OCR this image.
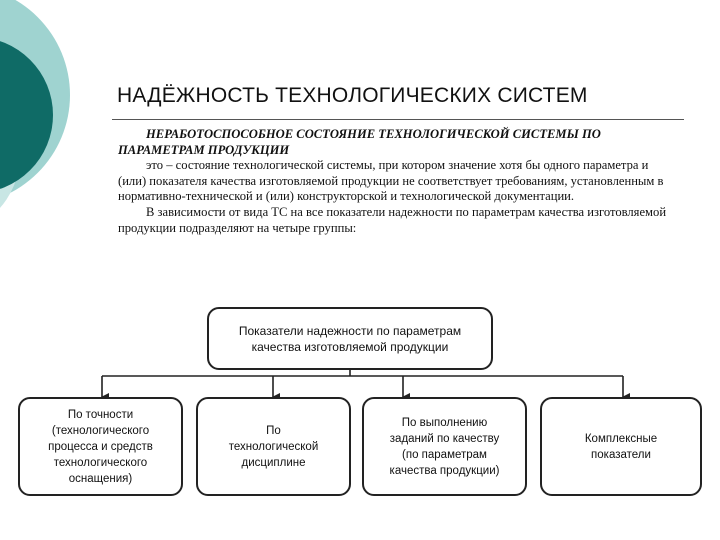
НАДЁЖНОСТЬ ТЕХНОЛОГИЧЕСКИХ СИСТЕМ

НЕРАБОТОСПОСОБНОЕ СОСТОЯНИЕ ТЕХНОЛОГИЧЕСКОЙ СИСТЕМЫ ПО ПАРАМЕТРАМ ПРОДУКЦИИ

это – состояние технологической системы, при котором значение хотя бы одного параметра и (или) показателя качества изготовляемой продукции не соответствует требованиям, установленным в нормативно-технической и (или) конструкторской и технологической документации.

В зависимости от вида ТС на все показатели надежности по параметрам качества изготовляемой продукции подразделяют на четыре группы:

Показатели надежности по параметрам
качества изготовляемой продукции
По точности
(технологического
процесса и средств
технологического
оснащения)
По
технологической
дисциплине
По выполнению
заданий по качеству
(по параметрам
качества продукции)
Комплексные
показатели
